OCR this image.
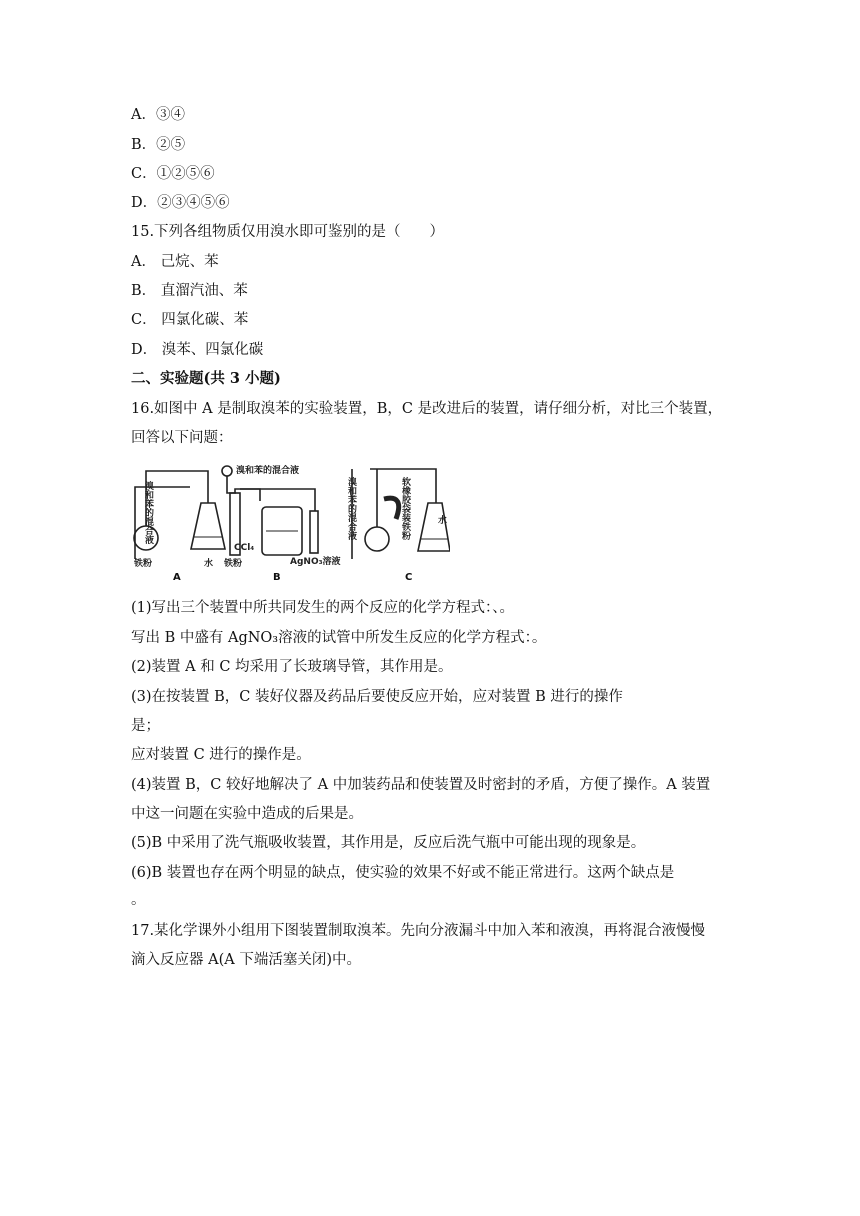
A．③④
B．②⑤
C．①②⑤⑥
D．②③④⑤⑥
15.下列各组物质仅用溴水即可鉴别的是（　　）
A． 己烷、苯
B． 直溜汽油、苯
C． 四氯化碳、苯
D． 溴苯、四氯化碳
二、实验题(共 3 小题)
16.如图中 A 是制取溴苯的实验装置，B，C 是改进后的装置，请仔细分析，对比三个装置，
回答以下问题：
溴和苯的混合液	溴和苯的混合液	软橡胶袋装铁粉
铁粉	水
溴和苯的混合液
CCl₄
铁粉	AgNO₃溶液
水
A	B	C
(1)写出三个装置中所共同发生的两个反应的化学方程式：、。
写出 B 中盛有 AgNO₃溶液的试管中所发生反应的化学方程式：。
(2)装置 A 和 C 均采用了长玻璃导管，其作用是。
(3)在按装置 B，C 装好仪器及药品后要使反应开始，应对装置 B 进行的操作
是；
应对装置 C 进行的操作是。
(4)装置 B，C 较好地解决了 A 中加装药品和使装置及时密封的矛盾，方便了操作。A 装置
中这一问题在实验中造成的后果是。
(5)B 中采用了洗气瓶吸收装置，其作用是，反应后洗气瓶中可能出现的现象是。
(6)B 装置也存在两个明显的缺点，使实验的效果不好或不能正常进行。这两个缺点是
。
17.某化学课外小组用下图装置制取溴苯。先向分液漏斗中加入苯和液溴，再将混合液慢慢
滴入反应器 A(A 下端活塞关闭)中。
